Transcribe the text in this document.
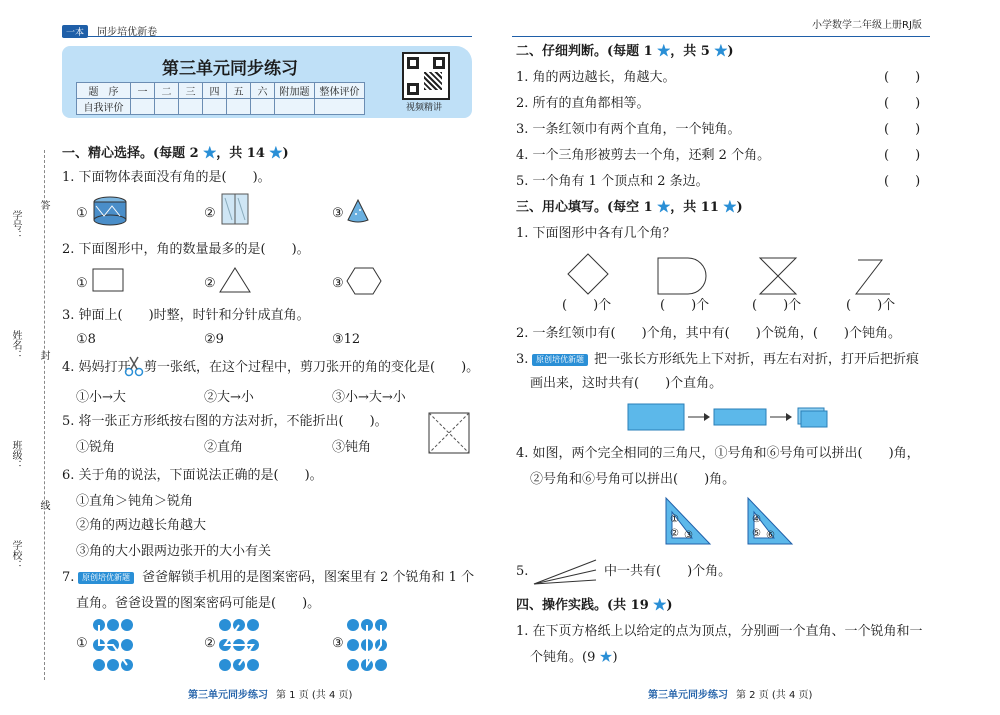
一本 同步培优新卷
第三单元同步练习
题　序	一	二	三	四	五	六	附加题	整体评价
自我评价									视频精讲
学号：
姓名：
班级：
学校：
答
封
线
一、精心选择。(每题 2 ★，共 14 ★)
1. 下面物体表面没有角的是(　　)。
①	②	③
2. 下面图形中，角的数量最多的是(　　)。
①	②	③
3. 钟面上(　　)时整，时针和分针成直角。
①8	②9	③12
4. 妈妈打开 剪一张纸，在这个过程中，剪刀张开的角的变化是(　　)。
①小→大	②大→小	③小→大→小
5. 将一张正方形纸按右图的方法对折，不能折出(　　)。
①锐角	②直角	③钝角
6. 关于角的说法，下面说法正确的是(　　)。
①直角＞钝角＞锐角
②角的两边越长角越大
③角的大小跟两边张开的大小有关
7. 原创培优新题 爸爸解锁手机用的是图案密码，图案里有 2 个锐角和 1 个
直角。爸爸设置的图案密码可能是(　　)。
①	②	③
第三单元同步练习 第 1 页 (共 4 页)
小学数学二年级上册RJ版
二、仔细判断。(每题 1 ★，共 5 ★)
1. 角的两边越长，角越大。
2. 所有的直角都相等。
3. 一条红领巾有两个直角，一个钝角。
4. 一个三角形被剪去一个角，还剩 2 个角。
5. 一个角有 1 个顶点和 2 条边。
(　　)
(　　)
(　　)
(　　)
(　　)
三、用心填写。(每空 1 ★，共 11 ★)
1. 下面图形中各有几个角？
(　　)个	(　　)个	(　　)个	(　　)个
2. 一条红领巾有(　　)个角，其中有(　　)个锐角，(　　)个钝角。
3. 原创培优新题 把一张长方形纸先上下对折，再左右对折，打开后把折痕
画出来，这时共有(　　)个直角。
4. 如图，两个完全相同的三角尺，①号角和⑥号角可以拼出(　　)角，
②号角和⑥号角可以拼出(　　)角。
①
② ③
④
⑤ ⑥
5.	中一共有(　　)个角。
四、操作实践。(共 19 ★)
1. 在下页方格纸上以给定的点为顶点，分别画一个直角、一个锐角和一
个钝角。(9 ★)
第三单元同步练习 第 2 页 (共 4 页)
